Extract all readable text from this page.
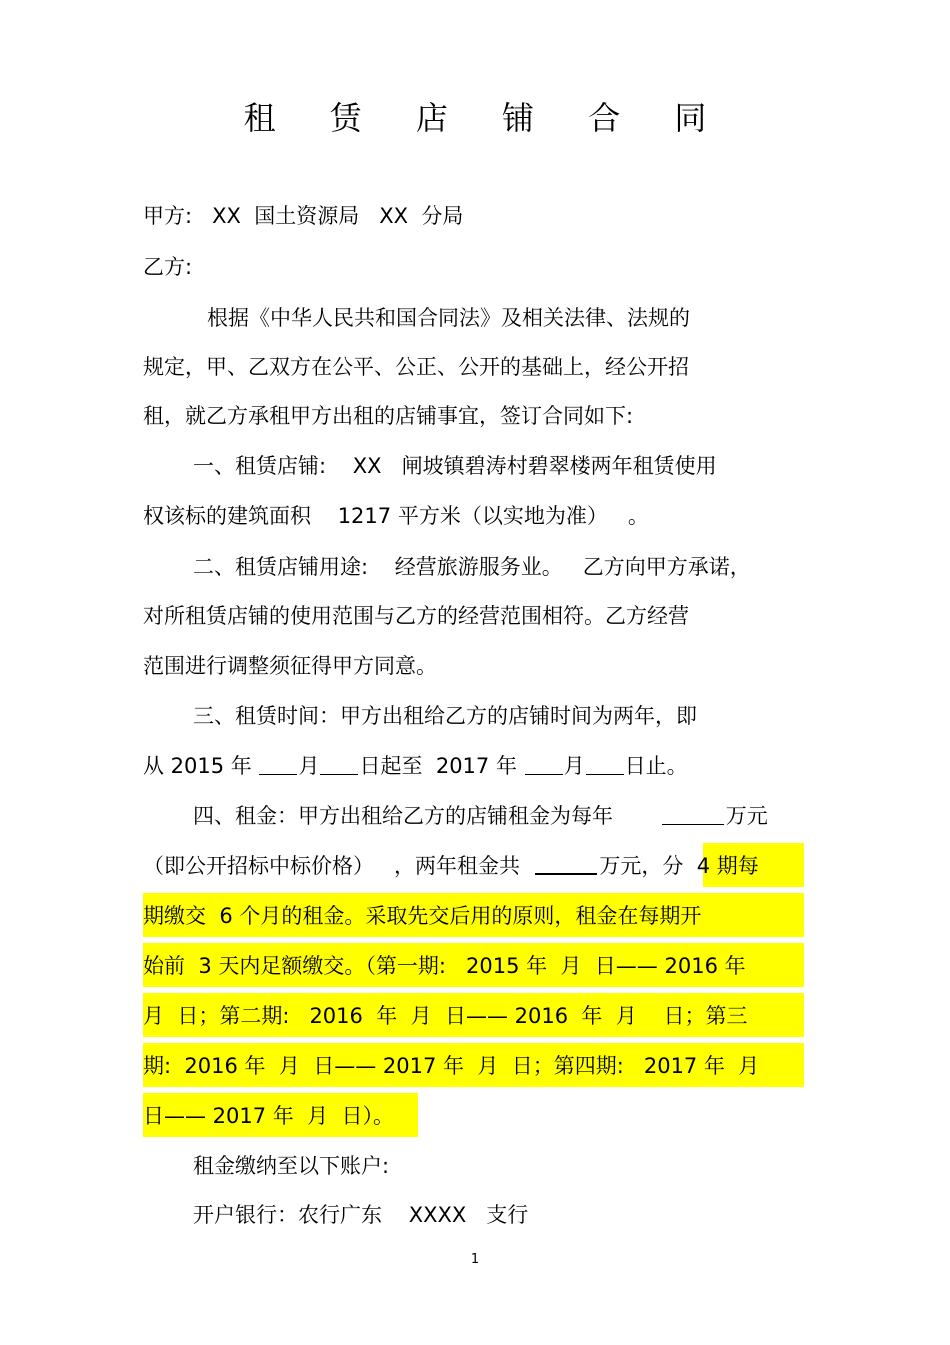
租 赁 店 铺 合 同
甲方:   XX  国土资源局   XX  分局
乙方:
根据《中华人民共和国合同法》及相关法律、法规的
规定，甲、乙双方在公平、公正、公开的基础上，经公开招
租，就乙方承租甲方出租的店铺事宜，签订合同如下:
一、租赁店铺:    XX   闸坡镇碧涛村碧翠楼两年租赁使用
权该标的建筑面积    1217 平方米（以实地为准）   。
二、租赁店铺用途:    经营旅游服务业。   乙方向甲方承诺，
对所租赁店铺的使用范围与乙方的经营范围相符。乙方经营
范围进行调整须征得甲方同意。
三、租赁时间：甲方出租给乙方的店铺时间为两年，即
从 2015 年 月 日起至  2017 年 月 日止。
四、租金：甲方出租给乙方的店铺租金为每年	万元
（即公开招标中标价格）   ，两年租金共	万元，分  4 期每
期缴交  6 个月的租金。采取先交后用的原则，租金在每期开
始前  3 天内足额缴交。（第一期:   2015 年  月  日—— 2016 年
月  日；第二期:   2016  年  月  日—— 2016  年  月    日；第三
期:  2016 年  月  日—— 2017 年  月  日；第四期:   2017 年  月
日—— 2017 年  月  日）。
租金缴纳至以下账户:
开户银行：农行广东    XXXX   支行
1
